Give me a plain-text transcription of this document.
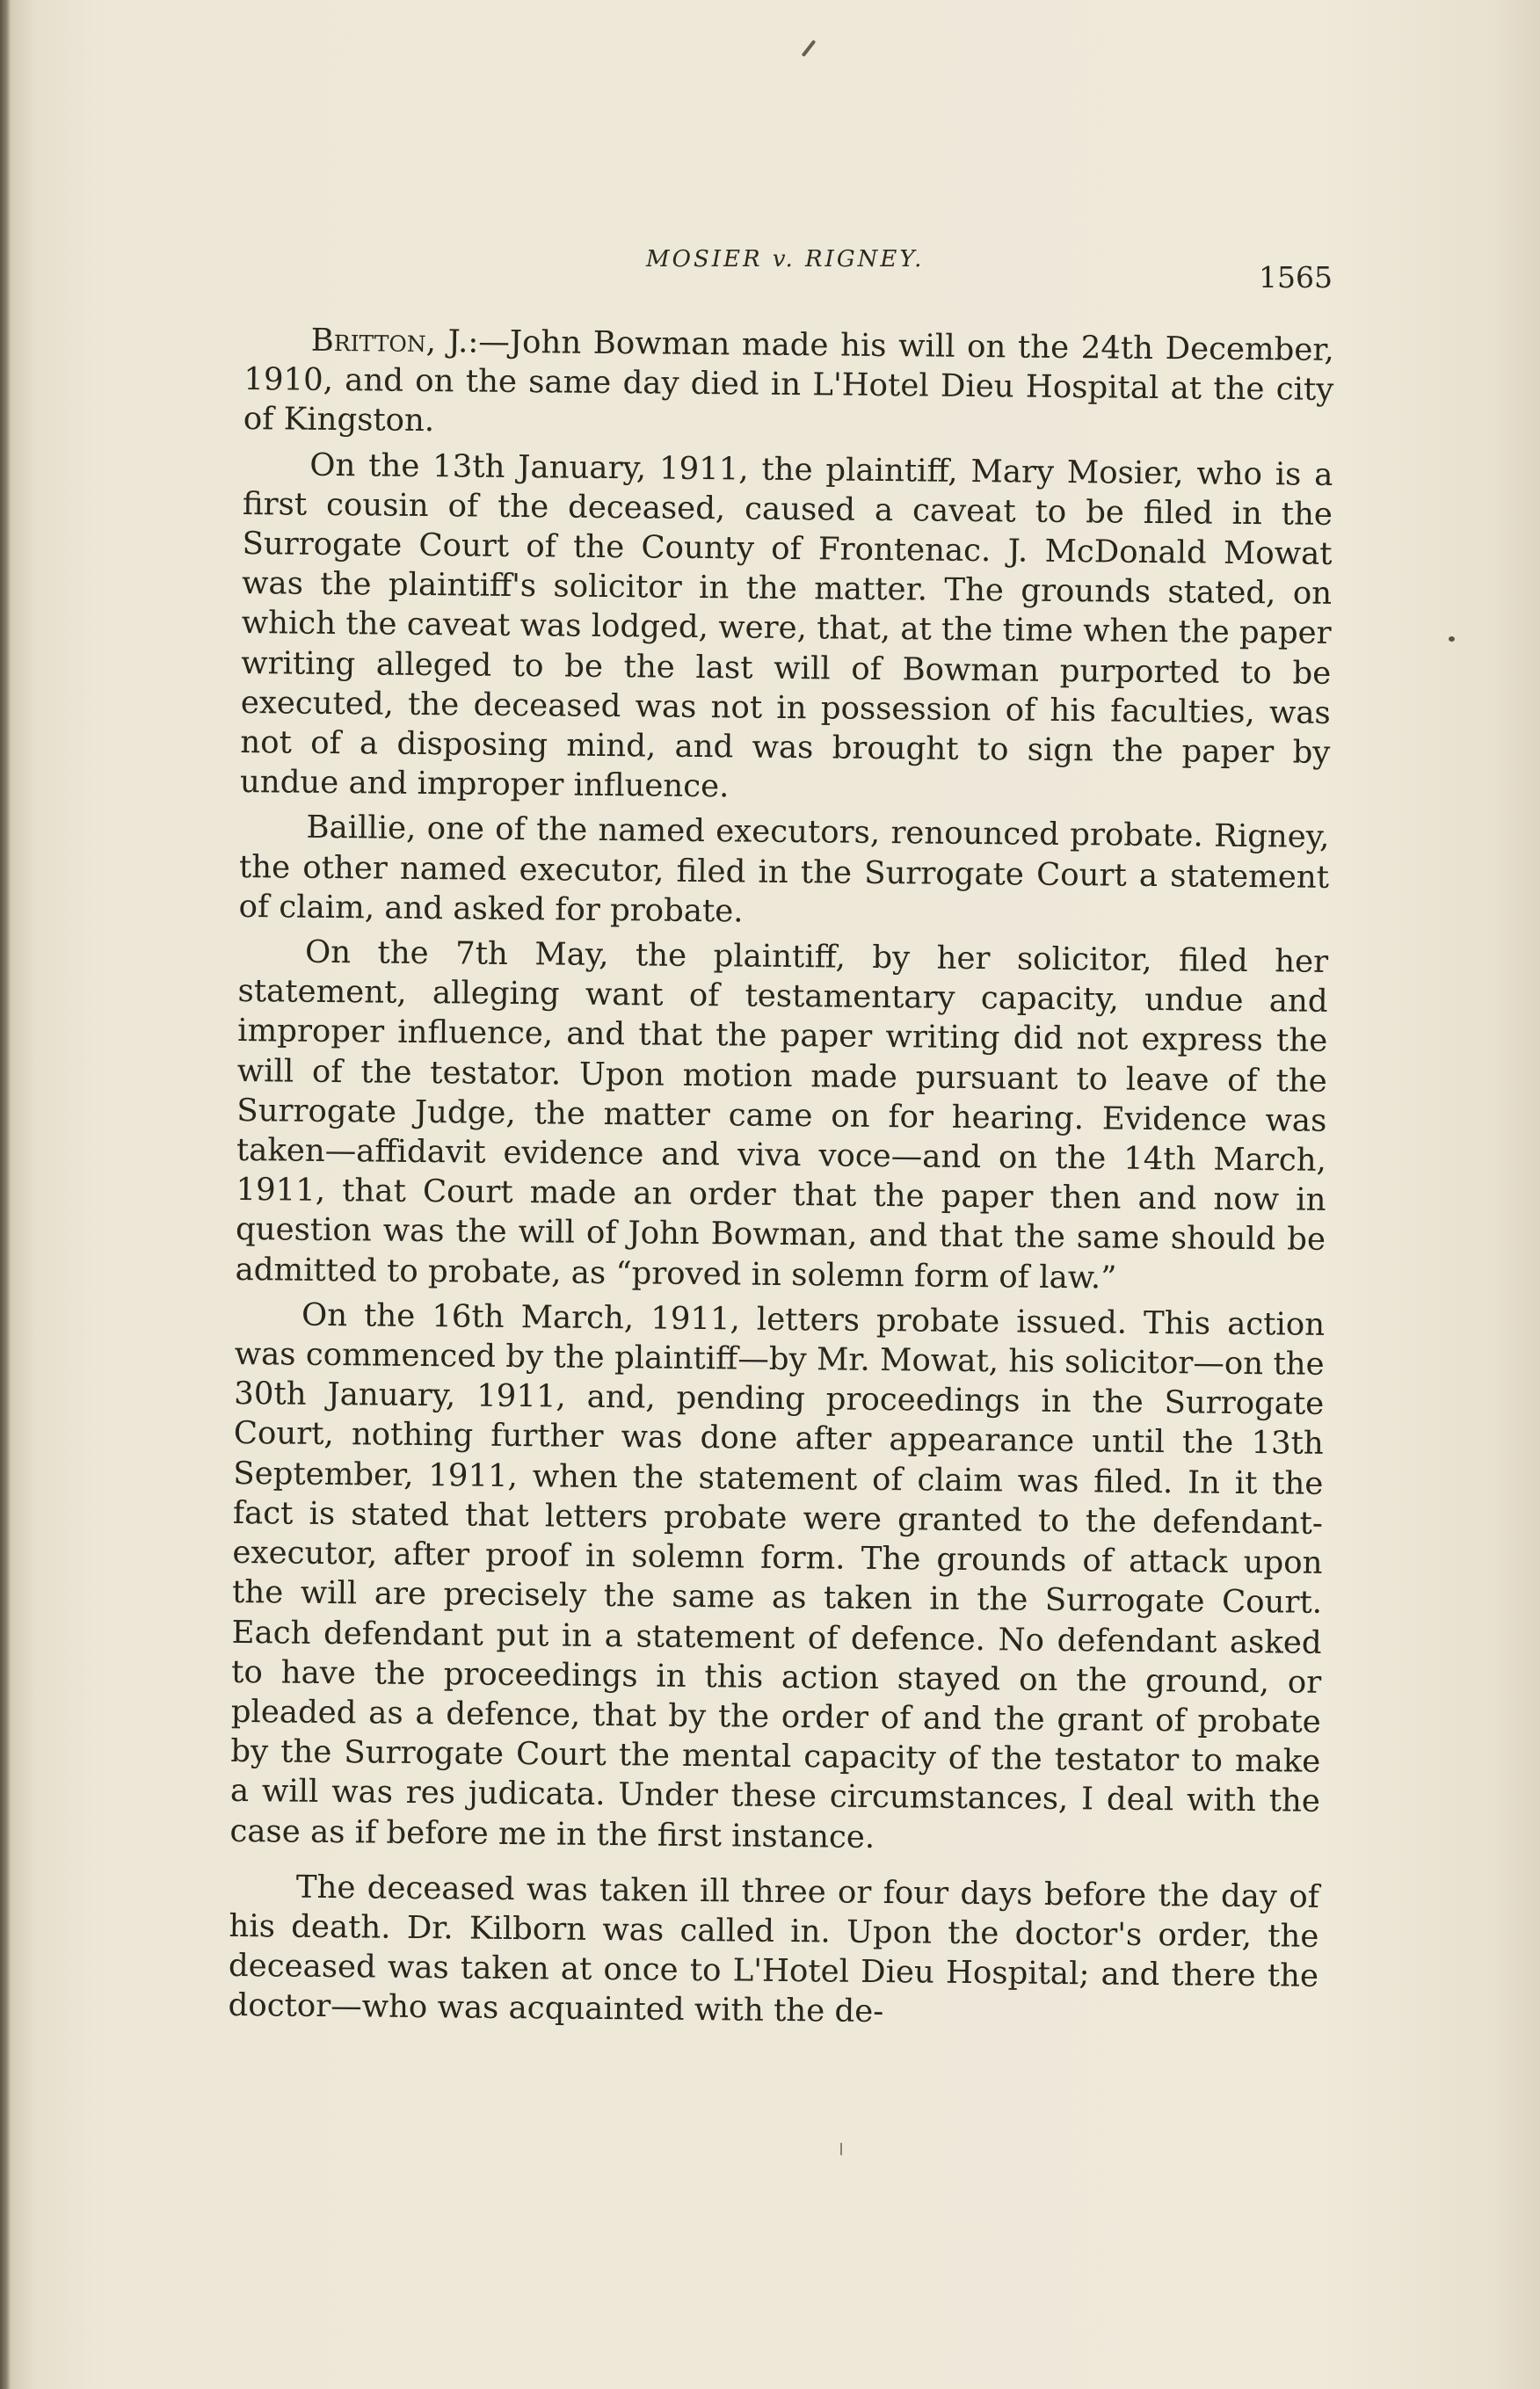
MOSIER v. RIGNEY.
1565

Britton, J.:—John Bowman made his will on the 24th December, 1910, and on the same day died in L'Hotel Dieu Hospital at the city of Kingston.

On the 13th January, 1911, the plaintiff, Mary Mosier, who is a first cousin of the deceased, caused a caveat to be filed in the Surrogate Court of the County of Frontenac. J. McDonald Mowat was the plaintiff's solicitor in the matter. The grounds stated, on which the caveat was lodged, were, that, at the time when the paper writing alleged to be the last will of Bowman purported to be executed, the deceased was not in possession of his faculties, was not of a disposing mind, and was brought to sign the paper by undue and improper influence.

Baillie, one of the named executors, renounced probate. Rigney, the other named executor, filed in the Surrogate Court a statement of claim, and asked for probate.

On the 7th May, the plaintiff, by her solicitor, filed her statement, alleging want of testamentary capacity, undue and improper influence, and that the paper writing did not express the will of the testator. Upon motion made pursuant to leave of the Surrogate Judge, the matter came on for hearing. Evidence was taken—affidavit evidence and viva voce—and on the 14th March, 1911, that Court made an order that the paper then and now in question was the will of John Bowman, and that the same should be admitted to probate, as “proved in solemn form of law.”

On the 16th March, 1911, letters probate issued. This action was commenced by the plaintiff—by Mr. Mowat, his solicitor—on the 30th January, 1911, and, pending proceedings in the Surrogate Court, nothing further was done after appearance until the 13th September, 1911, when the statement of claim was filed. In it the fact is stated that letters probate were granted to the defendant-executor, after proof in solemn form. The grounds of attack upon the will are precisely the same as taken in the Surrogate Court. Each defendant put in a statement of defence. No defendant asked to have the proceedings in this action stayed on the ground, or pleaded as a defence, that by the order of and the grant of probate by the Surrogate Court the mental capacity of the testator to make a will was res judicata. Under these circumstances, I deal with the case as if before me in the first instance.

The deceased was taken ill three or four days before the day of his death. Dr. Kilborn was called in. Upon the doctor's order, the deceased was taken at once to L'Hotel Dieu Hospital; and there the doctor—who was acquainted with the de-
